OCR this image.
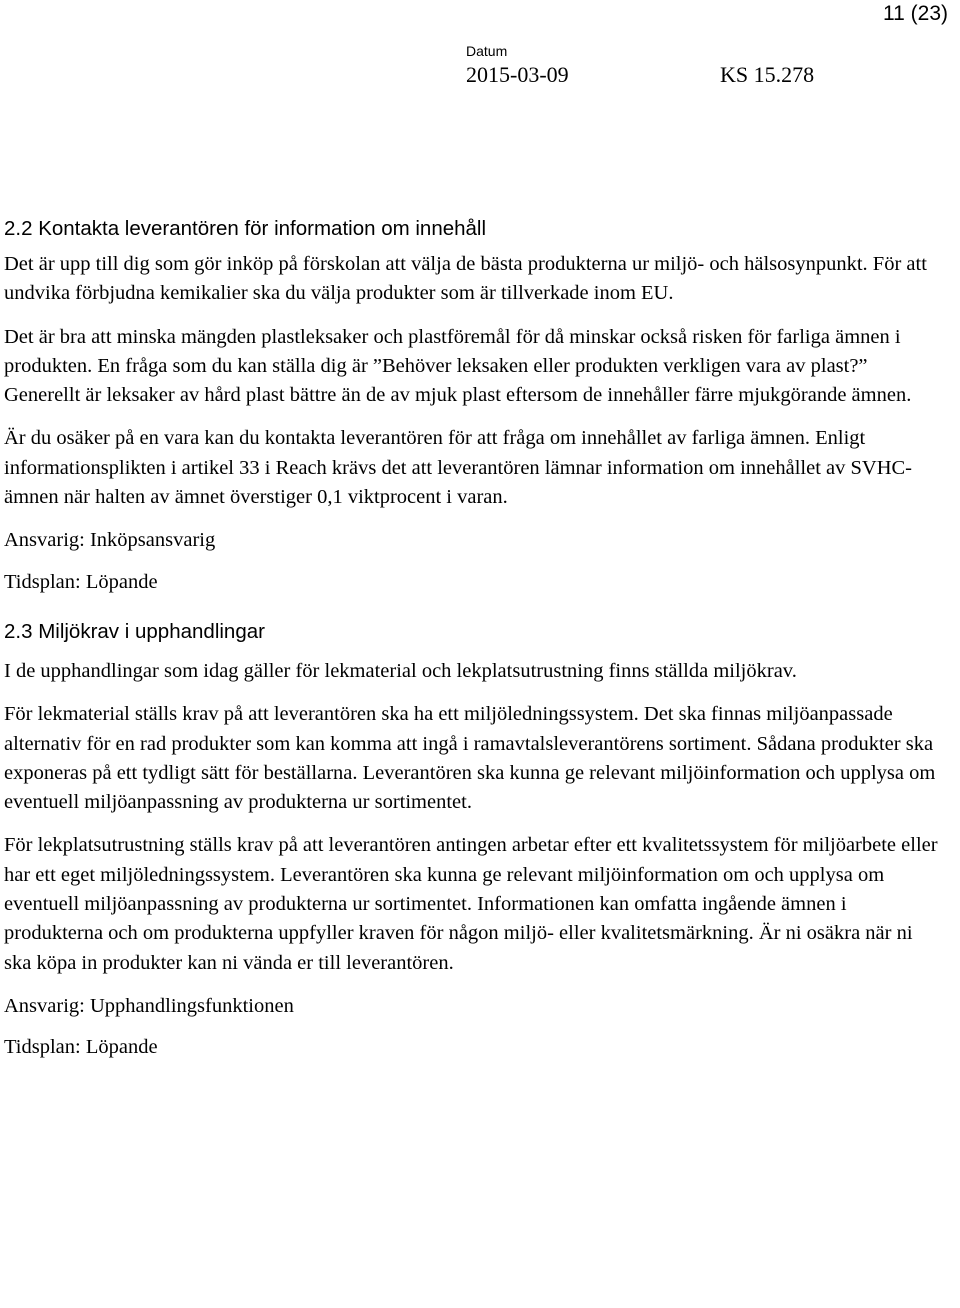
11 (23)
Datum
2015-03-09	KS 15.278
2.2 Kontakta leverantören för information om innehåll

Det är upp till dig som gör inköp på förskolan att välja de bästa produkterna ur miljö- och hälsosynpunkt. För att undvika förbjudna kemikalier ska du välja produkter som är tillverkade inom EU.

Det är bra att minska mängden plastleksaker och plastföremål för då minskar också risken för farliga ämnen i produkten. En fråga som du kan ställa dig är ”Behöver leksaken eller produkten verkligen vara av plast?” Generellt är leksaker av hård plast bättre än de av mjuk plast eftersom de innehåller färre mjukgörande ämnen.

Är du osäker på en vara kan du kontakta leverantören för att fråga om innehållet av farliga ämnen. Enligt informationsplikten i artikel 33 i Reach krävs det att leverantören lämnar information om innehållet av SVHC-ämnen när halten av ämnet överstiger 0,1 viktprocent i varan.

Ansvarig: Inköpsansvarig

Tidsplan: Löpande

2.3 Miljökrav i upphandlingar

I de upphandlingar som idag gäller för lekmaterial och lekplatsutrustning finns ställda miljökrav.

För lekmaterial ställs krav på att leverantören ska ha ett miljöledningssystem. Det ska finnas miljöanpassade alternativ för en rad produkter som kan komma att ingå i ramavtalsleverantörens sortiment. Sådana produkter ska exponeras på ett tydligt sätt för beställarna. Leverantören ska kunna ge relevant miljöinformation och upplysa om eventuell miljöanpassning av produkterna ur sortimentet.

För lekplatsutrustning ställs krav på att leverantören antingen arbetar efter ett kvalitetssystem för miljöarbete eller har ett eget miljöledningssystem. Leverantören ska kunna ge relevant miljöinformation om och upplysa om eventuell miljöanpassning av produkterna ur sortimentet. Informationen kan omfatta ingående ämnen i produkterna och om produkterna uppfyller kraven för någon miljö- eller kvalitetsmärkning. Är ni osäkra när ni ska köpa in produkter kan ni vända er till leverantören.

Ansvarig: Upphandlingsfunktionen

Tidsplan: Löpande
